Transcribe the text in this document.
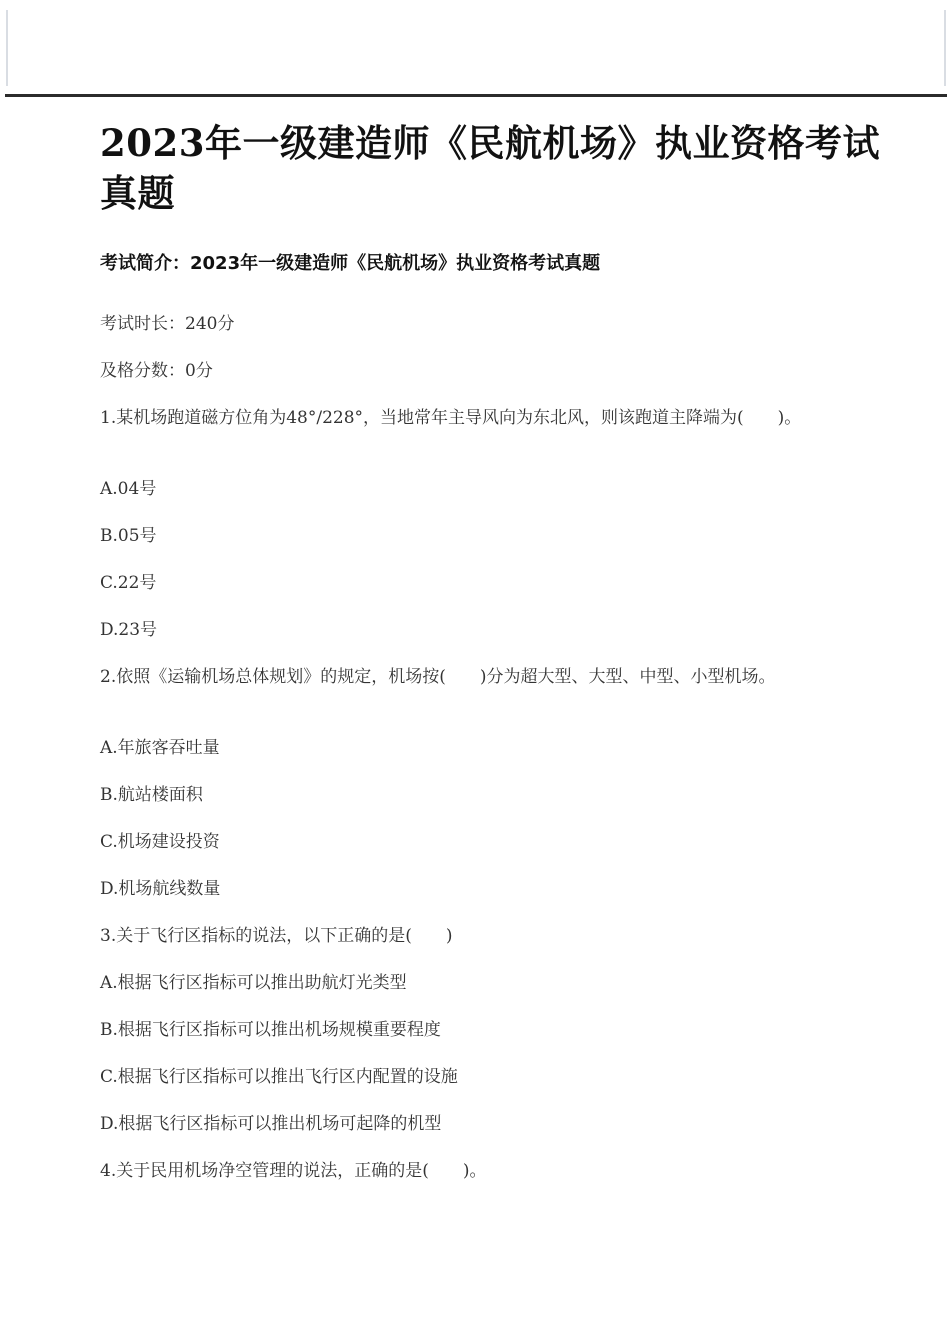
2023年一级建造师《民航机场》执业资格考试真题

考试简介：2023年一级建造师《民航机场》执业资格考试真题

考试时长：240分

及格分数：0分

1.某机场跑道磁方位角为48°/228°，当地常年主导风向为东北风，则该跑道主降端为(　　)。

A.04号

B.05号

C.22号

D.23号

2.依照《运输机场总体规划》的规定，机场按(　　)分为超大型、大型、中型、小型机场。

A.年旅客吞吐量

B.航站楼面积

C.机场建设投资

D.机场航线数量

3.关于飞行区指标的说法，以下正确的是(　　)

A.根据飞行区指标可以推出助航灯光类型

B.根据飞行区指标可以推出机场规模重要程度

C.根据飞行区指标可以推出飞行区内配置的设施

D.根据飞行区指标可以推出机场可起降的机型

4.关于民用机场净空管理的说法，正确的是(　　)。
